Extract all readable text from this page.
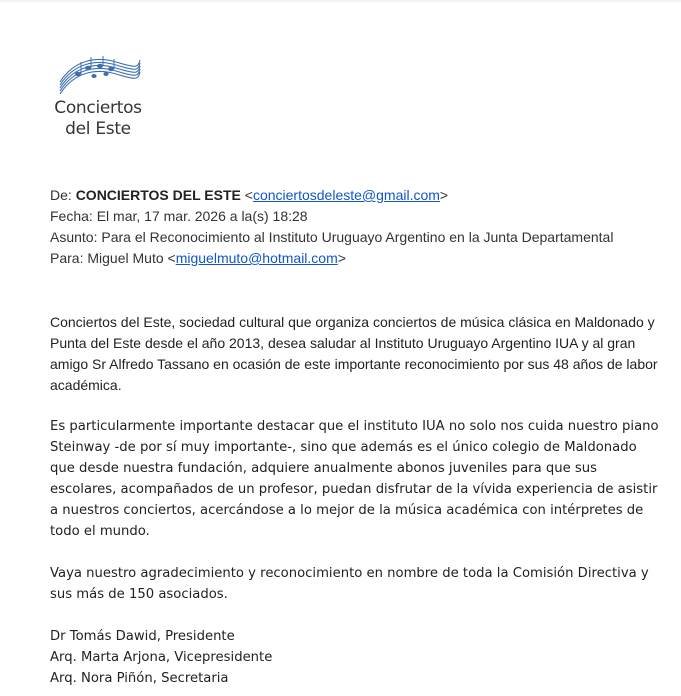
Conciertos
del Este
De: CONCIERTOS DEL ESTE <conciertosdeleste@gmail.com>
Fecha: El mar, 17 mar. 2026 a la(s) 18:28
Asunto: Para el Reconocimiento al Instituto Uruguayo Argentino en la Junta Departamental
Para: Miguel Muto <miguelmuto@hotmail.com>

Conciertos del Este, sociedad cultural que organiza conciertos de música clásica en Maldonado y Punta del Este desde el año 2013, desea saludar al Instituto Uruguayo Argentino IUA y al gran amigo Sr Alfredo Tassano en ocasión de este importante reconocimiento por sus 48 años de labor académica.

Es particularmente importante destacar que el instituto IUA no solo nos cuida nuestro piano Steinway -de por sí muy importante-, sino que además es el único colegio de Maldonado que desde nuestra fundación, adquiere anualmente abonos juveniles para que sus escolares, acompañados de un profesor, puedan disfrutar de la vívida experiencia de asistir a nuestros conciertos, acercándose a lo mejor de la música académica con intérpretes de todo el mundo.

Vaya nuestro agradecimiento y reconocimiento en nombre de toda la Comisión Directiva y sus más de 150 asociados.

Dr Tomás Dawid, Presidente
Arq. Marta Arjona, Vicepresidente
Arq. Nora Piñón, Secretaria
